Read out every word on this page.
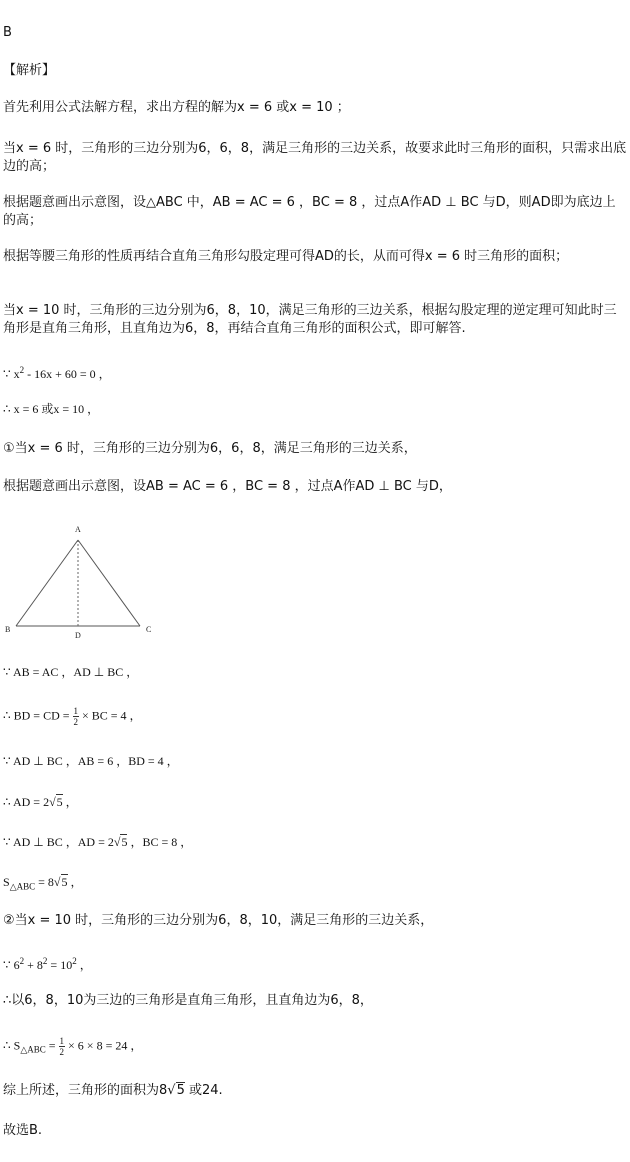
B
【解析】
首先利用公式法解方程，求出方程的解为x = 6 或x = 10 ；
当x = 6 时，三角形的三边分别为6，6，8，满足三角形的三边关系，故要求此时三角形的面积，只需求出底边的高；
根据题意画出示意图，设△ABC 中，AB = AC = 6 ，BC = 8 ，过点A作AD ⊥ BC 与D，则AD即为底边上的高；
根据等腰三角形的性质再结合直角三角形勾股定理可得AD的长，从而可得x = 6 时三角形的面积；
当x = 10 时，三角形的三边分别为6，8，10，满足三角形的三边关系，根据勾股定理的逆定理可知此时三角形是直角三角形，且直角边为6，8，再结合直角三角形的面积公式，即可解答.
∵ $x^2 - 16x + 60 = 0$ ，
∴ x = 6 或x = 10 ，
①当x = 6 时，三角形的三边分别为6，6，8，满足三角形的三边关系，
根据题意画出示意图，设AB = AC = 6 ，BC = 8 ，过点A作AD ⊥ BC 与D，
A
B	C
D
∵ AB = AC ，AD ⊥ BC ，
∴ BD = CD = $\frac{1}{2}$ × BC = 4 ，
∵ AD ⊥ BC ，AB = 6 ，BD = 4 ，
∴ AD = 2√5 ，
∵ AD ⊥ BC ，AD = 2√5 ，BC = 8 ，
$S_{\triangle ABC} = 8√5$ ，
②当x = 10 时，三角形的三边分别为6，8，10，满足三角形的三边关系，
∵ $6^2 + 8^2 = 10^2$ ，
∴以6，8，10为三边的三角形是直角三角形，且直角边为6，8，
∴ $S_{\triangle ABC} = \frac{1}{2} \times 6 \times 8 = 24$ ，
综上所述，三角形的面积为8√5 或24.
故选B.
